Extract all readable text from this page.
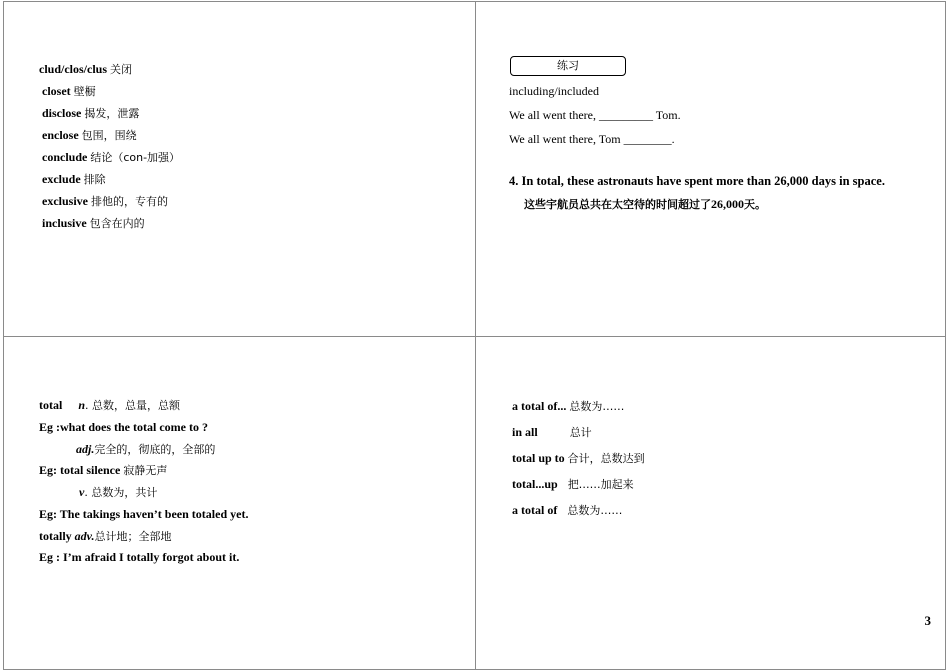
clud/clos/clus 关闭
closet 壁橱
disclose 揭发，泄露
enclose 包围，围绕
conclude 结论（con-加强）
exclude 排除
exclusive 排他的，专有的
inclusive 包含在内的
练习
including/included
We all went there, _________ Tom.
We all went there, Tom ________.
4. In total, these astronauts have spent more than 26,000 days in space.
这些宇航员总共在太空待的时间超过了26,000天。
total n. 总数，总量，总额
Eg :what does the total come to ?
adj.完全的，彻底的，全部的
Eg: total silence 寂静无声
v. 总数为，共计
Eg: The takings haven’t been totaled yet.
totally adv.总计地；全部地
Eg : I’m afraid I totally forgot about it.
a total of... 总数为……
in all	总计
total up to 合计，总数达到
total...up 把……加起来
a total of 总数为……
3
